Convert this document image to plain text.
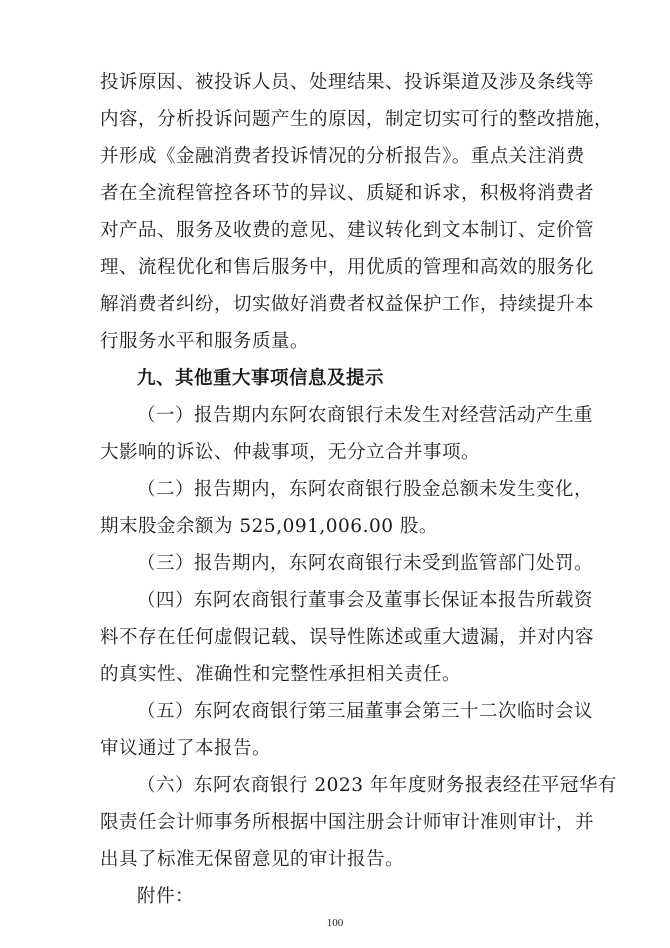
投诉原因、被投诉人员、处理结果、投诉渠道及涉及条线等
内容，分析投诉问题产生的原因，制定切实可行的整改措施，
并形成《金融消费者投诉情况的分析报告》。重点关注消费
者在全流程管控各环节的异议、质疑和诉求，积极将消费者
对产品、服务及收费的意见、建议转化到文本制订、定价管
理、流程优化和售后服务中，用优质的管理和高效的服务化
解消费者纠纷，切实做好消费者权益保护工作，持续提升本
行服务水平和服务质量。
九、其他重大事项信息及提示
（一）报告期内东阿农商银行未发生对经营活动产生重
大影响的诉讼、仲裁事项，无分立合并事项。
（二）报告期内，东阿农商银行股金总额未发生变化，
期末股金余额为 525,091,006.00 股。
（三）报告期内，东阿农商银行未受到监管部门处罚。
（四）东阿农商银行董事会及董事长保证本报告所载资
料不存在任何虚假记载、误导性陈述或重大遗漏，并对内容
的真实性、准确性和完整性承担相关责任。
（五）东阿农商银行第三届董事会第三十二次临时会议
审议通过了本报告。
（六）东阿农商银行 2023 年年度财务报表经茌平冠华有
限责任会计师事务所根据中国注册会计师审计准则审计，并
出具了标准无保留意见的审计报告。
附件：
100
